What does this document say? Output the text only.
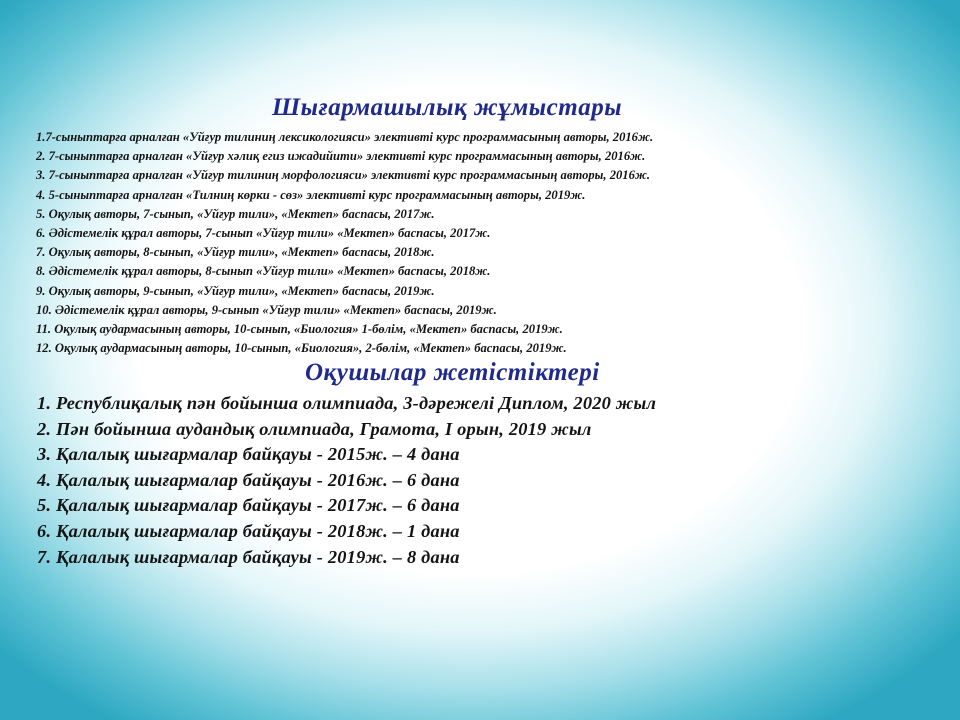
Шығармашылық жұмыстары
1.7-сыныптарға арналған «Уйғур тилиниң лексикологияси» элективті курс программасының авторы, 2016ж.
2. 7-сыныптарға арналған «Уйғур хәлиқ егиз ижадийити» элективті курс программасының авторы, 2016ж.
3. 7-сыныптарға арналған «Уйғур тилиниң морфологияси» элективті курс программасының авторы, 2016ж.
4. 5-сыныптарға арналған «Тилниң көрки - сөз» элективті курс программасының авторы, 2019ж.
5. Оқулық авторы, 7-сынып, «Уйғур тили», «Мектеп» баспасы, 2017ж.
6. Әдістемелік құрал авторы, 7-сынып «Уйғур тили» «Мектеп» баспасы, 2017ж.
7. Оқулық авторы, 8-сынып, «Уйғур тили», «Мектеп» баспасы, 2018ж.
8. Әдістемелік құрал авторы, 8-сынып «Уйғур тили» «Мектеп» баспасы, 2018ж.
9. Оқулық авторы, 9-сынып, «Уйғур тили», «Мектеп» баспасы, 2019ж.
10. Әдістемелік құрал авторы, 9-сынып «Уйғур тили» «Мектеп» баспасы, 2019ж.
11. Оқулық аудармасының авторы, 10-сынып, «Биология» 1-бөлім, «Мектеп» баспасы, 2019ж.
12. Оқулық аудармасының авторы, 10-сынып, «Биология», 2-бөлім, «Мектеп» баспасы, 2019ж.
Оқушылар жетістіктері
1. Республиқалық пән бойынша олимпиада, 3-дәрежелі Диплом, 2020 жыл
2. Пән бойынша аудандық олимпиада, Грамота, І орын, 2019 жыл
3. Қалалық шығармалар байқауы - 2015ж. – 4 дана
4. Қалалық шығармалар байқауы - 2016ж. – 6 дана
5. Қалалық шығармалар байқауы - 2017ж. – 6 дана
6. Қалалық шығармалар байқауы - 2018ж. – 1 дана
7. Қалалық шығармалар байқауы - 2019ж. – 8 дана
